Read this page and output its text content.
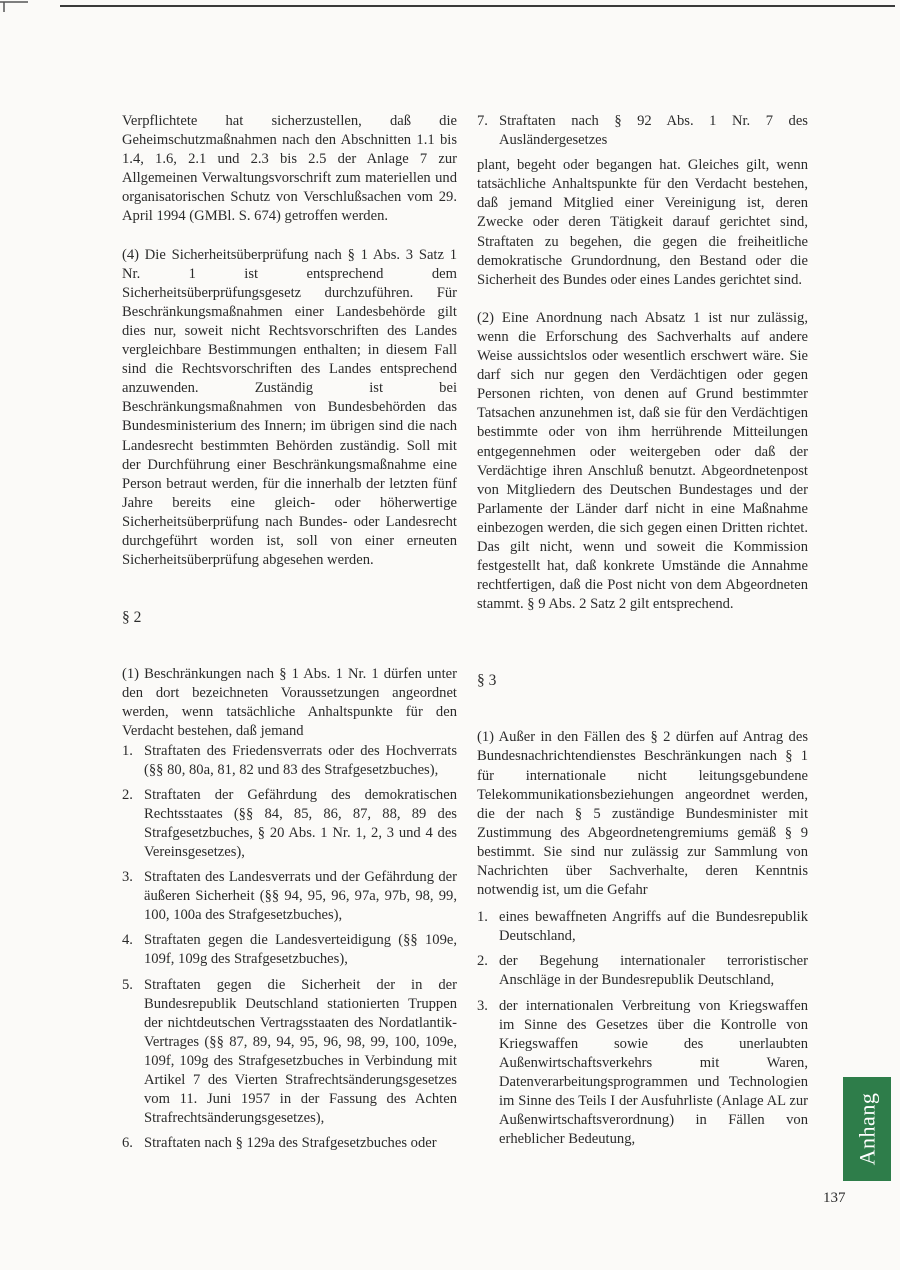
Verpflichtete hat sicherzustellen, daß die Geheimschutzmaßnahmen nach den Abschnitten 1.1 bis 1.4, 1.6, 2.1 und 2.3 bis 2.5 der Anlage 7 zur Allgemeinen Verwaltungsvorschrift zum materiellen und organisatorischen Schutz von Verschlußsachen vom 29. April 1994 (GMBl. S. 674) getroffen werden.

(4) Die Sicherheitsüberprüfung nach § 1 Abs. 3 Satz 1 Nr. 1 ist entsprechend dem Sicherheitsüberprüfungsgesetz durchzuführen. Für Beschränkungsmaßnahmen einer Landesbehörde gilt dies nur, soweit nicht Rechtsvorschriften des Landes vergleichbare Bestimmungen enthalten; in diesem Fall sind die Rechtsvorschriften des Landes entsprechend anzuwenden. Zuständig ist bei Beschränkungsmaßnahmen von Bundesbehörden das Bundesministerium des Innern; im übrigen sind die nach Landesrecht bestimmten Behörden zuständig. Soll mit der Durchführung einer Beschränkungsmaßnahme eine Person betraut werden, für die innerhalb der letzten fünf Jahre bereits eine gleich- oder höherwertige Sicherheitsüberprüfung nach Bundes- oder Landesrecht durchgeführt worden ist, soll von einer erneuten Sicherheitsüberprüfung abgesehen werden.

§ 2

(1) Beschränkungen nach § 1 Abs. 1 Nr. 1 dürfen unter den dort bezeichneten Voraussetzungen angeordnet werden, wenn tatsächliche Anhaltspunkte für den Verdacht bestehen, daß jemand

1. Straftaten des Friedensverrats oder des Hochverrats (§§ 80, 80a, 81, 82 und 83 des Strafgesetzbuches),
2. Straftaten der Gefährdung des demokratischen Rechtsstaates (§§ 84, 85, 86, 87, 88, 89 des Strafgesetzbuches, § 20 Abs. 1 Nr. 1, 2, 3 und 4 des Vereinsgesetzes),
3. Straftaten des Landesverrats und der Gefährdung der äußeren Sicherheit (§§ 94, 95, 96, 97a, 97b, 98, 99, 100, 100a des Strafgesetzbuches),
4. Straftaten gegen die Landesverteidigung (§§ 109e, 109f, 109g des Strafgesetzbuches),
5. Straftaten gegen die Sicherheit der in der Bundesrepublik Deutschland stationierten Truppen der nichtdeutschen Vertragsstaaten des Nordatlantik-Vertrages (§§ 87, 89, 94, 95, 96, 98, 99, 100, 109e, 109f, 109g des Strafgesetzbuches in Verbindung mit Artikel 7 des Vierten Strafrechtsänderungsgesetzes vom 11. Juni 1957 in der Fassung des Achten Strafrechtsänderungsgesetzes),
6. Straftaten nach § 129a des Strafgesetzbuches oder
7. Straftaten nach § 92 Abs. 1 Nr. 7 des Ausländergesetzes

plant, begeht oder begangen hat. Gleiches gilt, wenn tatsächliche Anhaltspunkte für den Verdacht bestehen, daß jemand Mitglied einer Vereinigung ist, deren Zwecke oder deren Tätigkeit darauf gerichtet sind, Straftaten zu begehen, die gegen die freiheitliche demokratische Grundordnung, den Bestand oder die Sicherheit des Bundes oder eines Landes gerichtet sind.

(2) Eine Anordnung nach Absatz 1 ist nur zulässig, wenn die Erforschung des Sachverhalts auf andere Weise aussichtslos oder wesentlich erschwert wäre. Sie darf sich nur gegen den Verdächtigen oder gegen Personen richten, von denen auf Grund bestimmter Tatsachen anzunehmen ist, daß sie für den Verdächtigen bestimmte oder von ihm herrührende Mitteilungen entgegennehmen oder weitergeben oder daß der Verdächtige ihren Anschluß benutzt. Abgeordnetenpost von Mitgliedern des Deutschen Bundestages und der Parlamente der Länder darf nicht in eine Maßnahme einbezogen werden, die sich gegen einen Dritten richtet. Das gilt nicht, wenn und soweit die Kommission festgestellt hat, daß konkrete Umstände die Annahme rechtfertigen, daß die Post nicht von dem Abgeordneten stammt. § 9 Abs. 2 Satz 2 gilt entsprechend.

§ 3

(1) Außer in den Fällen des § 2 dürfen auf Antrag des Bundesnachrichtendienstes Beschränkungen nach § 1 für internationale nicht leitungsgebundene Telekommunikationsbeziehungen angeordnet werden, die der nach § 5 zuständige Bundesminister mit Zustimmung des Abgeordnetengremiums gemäß § 9 bestimmt. Sie sind nur zulässig zur Sammlung von Nachrichten über Sachverhalte, deren Kenntnis notwendig ist, um die Gefahr

1. eines bewaffneten Angriffs auf die Bundesrepublik Deutschland,
2. der Begehung internationaler terroristischer Anschläge in der Bundesrepublik Deutschland,
3. der internationalen Verbreitung von Kriegswaffen im Sinne des Gesetzes über die Kontrolle von Kriegswaffen sowie des unerlaubten Außenwirtschaftsverkehrs mit Waren, Datenverarbeitungsprogrammen und Technologien im Sinne des Teils I der Ausfuhrliste (Anlage AL zur Außenwirtschaftsverordnung) in Fällen von erheblicher Bedeutung,	Anhang
137
